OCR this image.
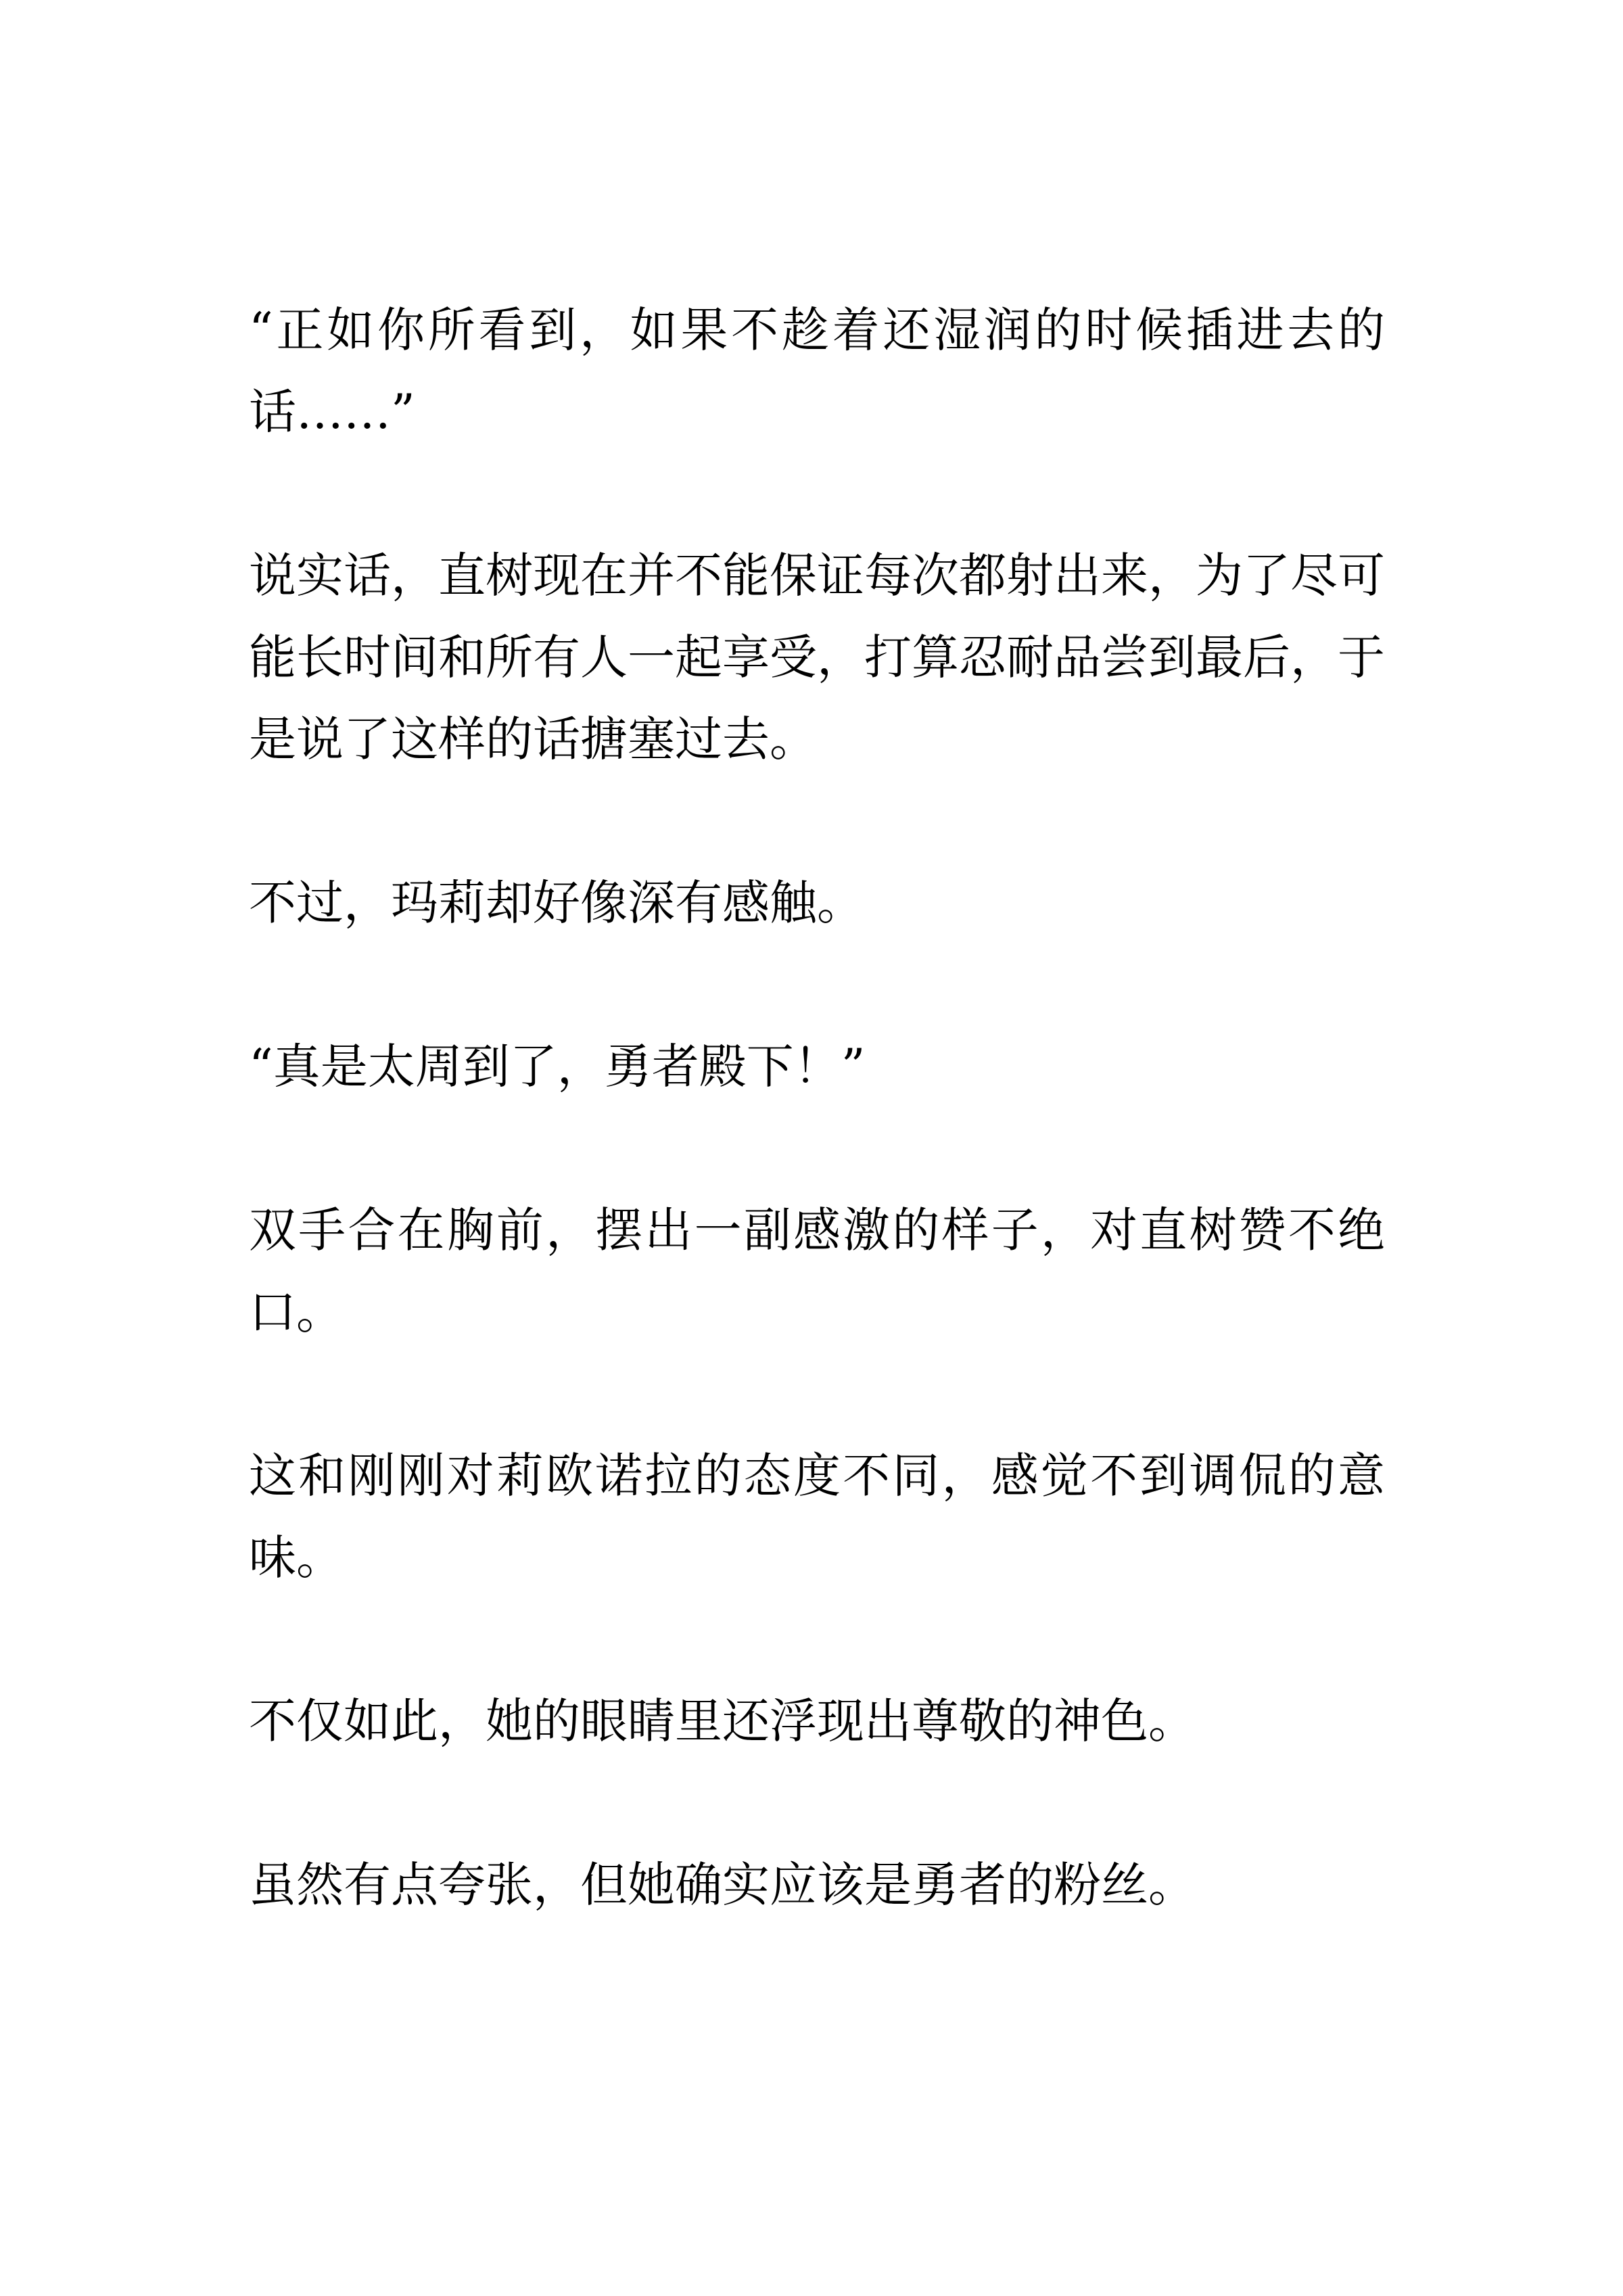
“正如你所看到，如果不趁着还湿润的时候插进去的话……”

说实话，直树现在并不能保证每次都射出来，为了尽可能长时间和所有人一起享受，打算忍耐品尝到最后，于是说了这样的话搪塞过去。

不过，玛莉却好像深有感触。

“真是太周到了，勇者殿下！”

双手合在胸前，摆出一副感激的样子，对直树赞不绝口。

这和刚刚对莉欧诺拉的态度不同，感觉不到调侃的意味。

不仅如此，她的眼睛里还浮现出尊敬的神色。

虽然有点夸张，但她确实应该是勇者的粉丝。
